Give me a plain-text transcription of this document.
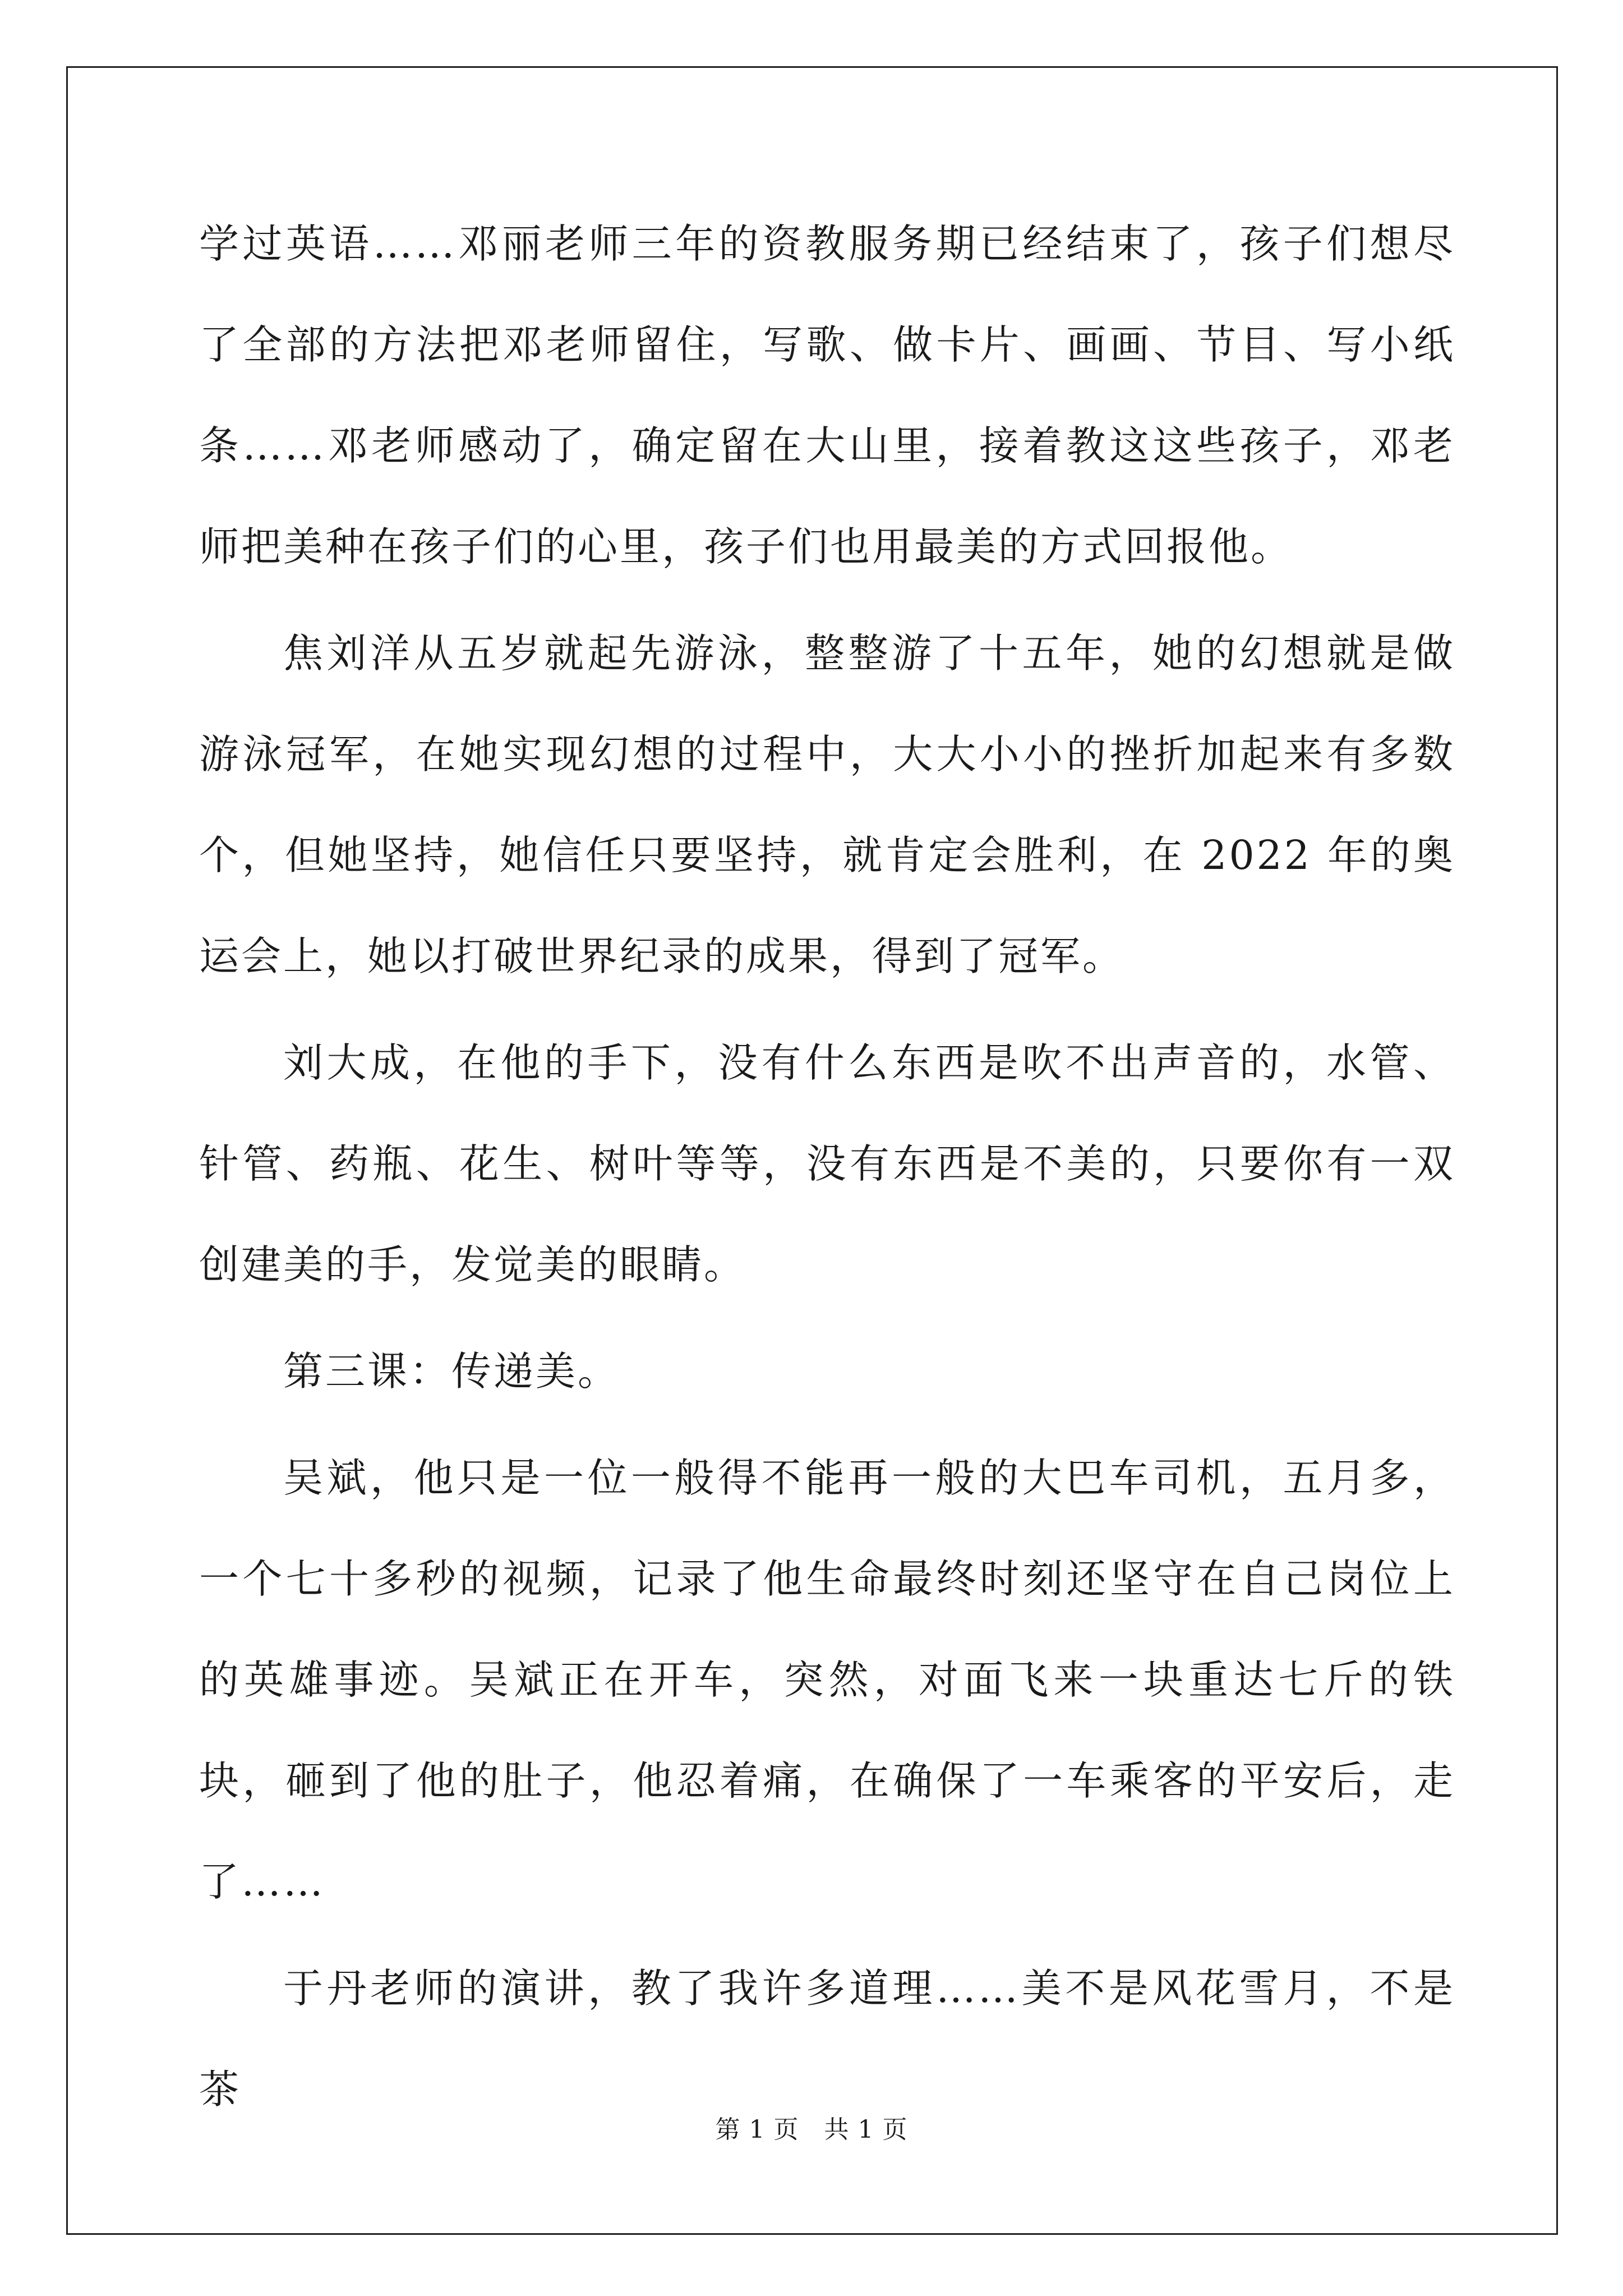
学过英语……邓丽老师三年的资教服务期已经结束了，孩子们想尽了全部的方法把邓老师留住，写歌、做卡片、画画、节目、写小纸条……邓老师感动了，确定留在大山里，接着教这这些孩子，邓老师把美种在孩子们的心里，孩子们也用最美的方式回报他。

焦刘洋从五岁就起先游泳，整整游了十五年，她的幻想就是做游泳冠军，在她实现幻想的过程中，大大小小的挫折加起来有多数个，但她坚持，她信任只要坚持，就肯定会胜利，在 2022 年的奥运会上，她以打破世界纪录的成果，得到了冠军。

刘大成，在他的手下，没有什么东西是吹不出声音的，水管、针管、药瓶、花生、树叶等等，没有东西是不美的，只要你有一双创建美的手，发觉美的眼睛。

第三课：传递美。

吴斌，他只是一位一般得不能再一般的大巴车司机，五月多，一个七十多秒的视频，记录了他生命最终时刻还坚守在自己岗位上的英雄事迹。吴斌正在开车，突然，对面飞来一块重达七斤的铁块，砸到了他的肚子，他忍着痛，在确保了一车乘客的平安后，走了……

于丹老师的演讲，教了我许多道理……美不是风花雪月，不是茶

第 1 页　共 1 页
